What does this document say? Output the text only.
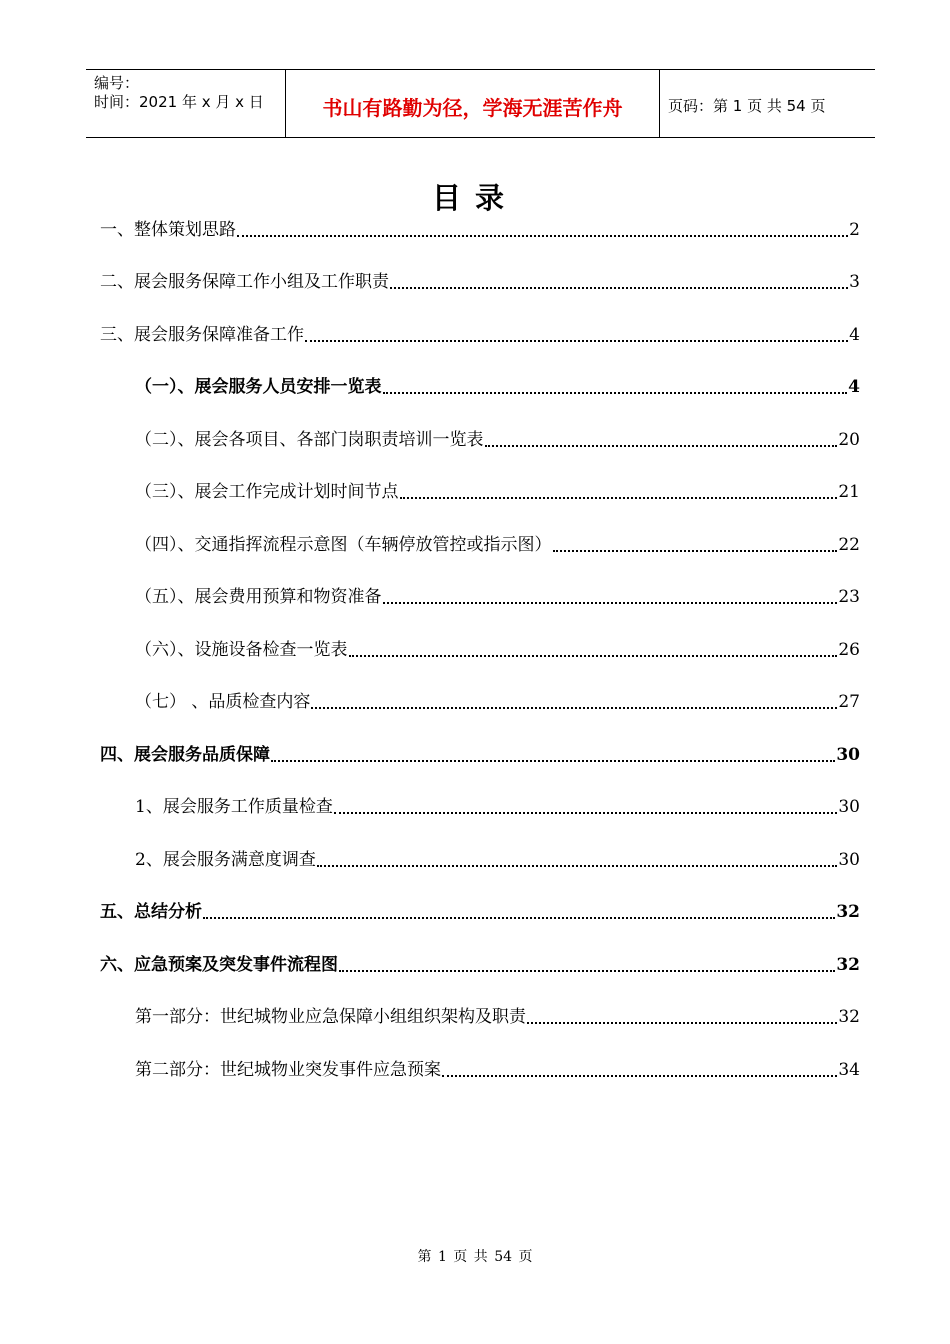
编号：
时间：2021 年 x 月 x 日	书山有路勤为径，学海无涯苦作舟	页码：第 1 页 共 54 页
目录
一、整体策划思路	2
二、展会服务保障工作小组及工作职责	3
三、展会服务保障准备工作	4
（一）、展会服务人员安排一览表	4
（二）、展会各项目、各部门岗职责培训一览表	20
（三）、展会工作完成计划时间节点	21
（四）、交通指挥流程示意图（车辆停放管控或指示图）	22
（五）、展会费用预算和物资准备	23
（六）、设施设备检查一览表	26
（七） 、品质检查内容	27
四、展会服务品质保障	30
1、展会服务工作质量检查	30
2、展会服务满意度调查	30
五、总结分析	32
六、应急预案及突发事件流程图	32
第一部分：世纪城物业应急保障小组组织架构及职责	32
第二部分：世纪城物业突发事件应急预案	34
第 1 页 共 54 页
